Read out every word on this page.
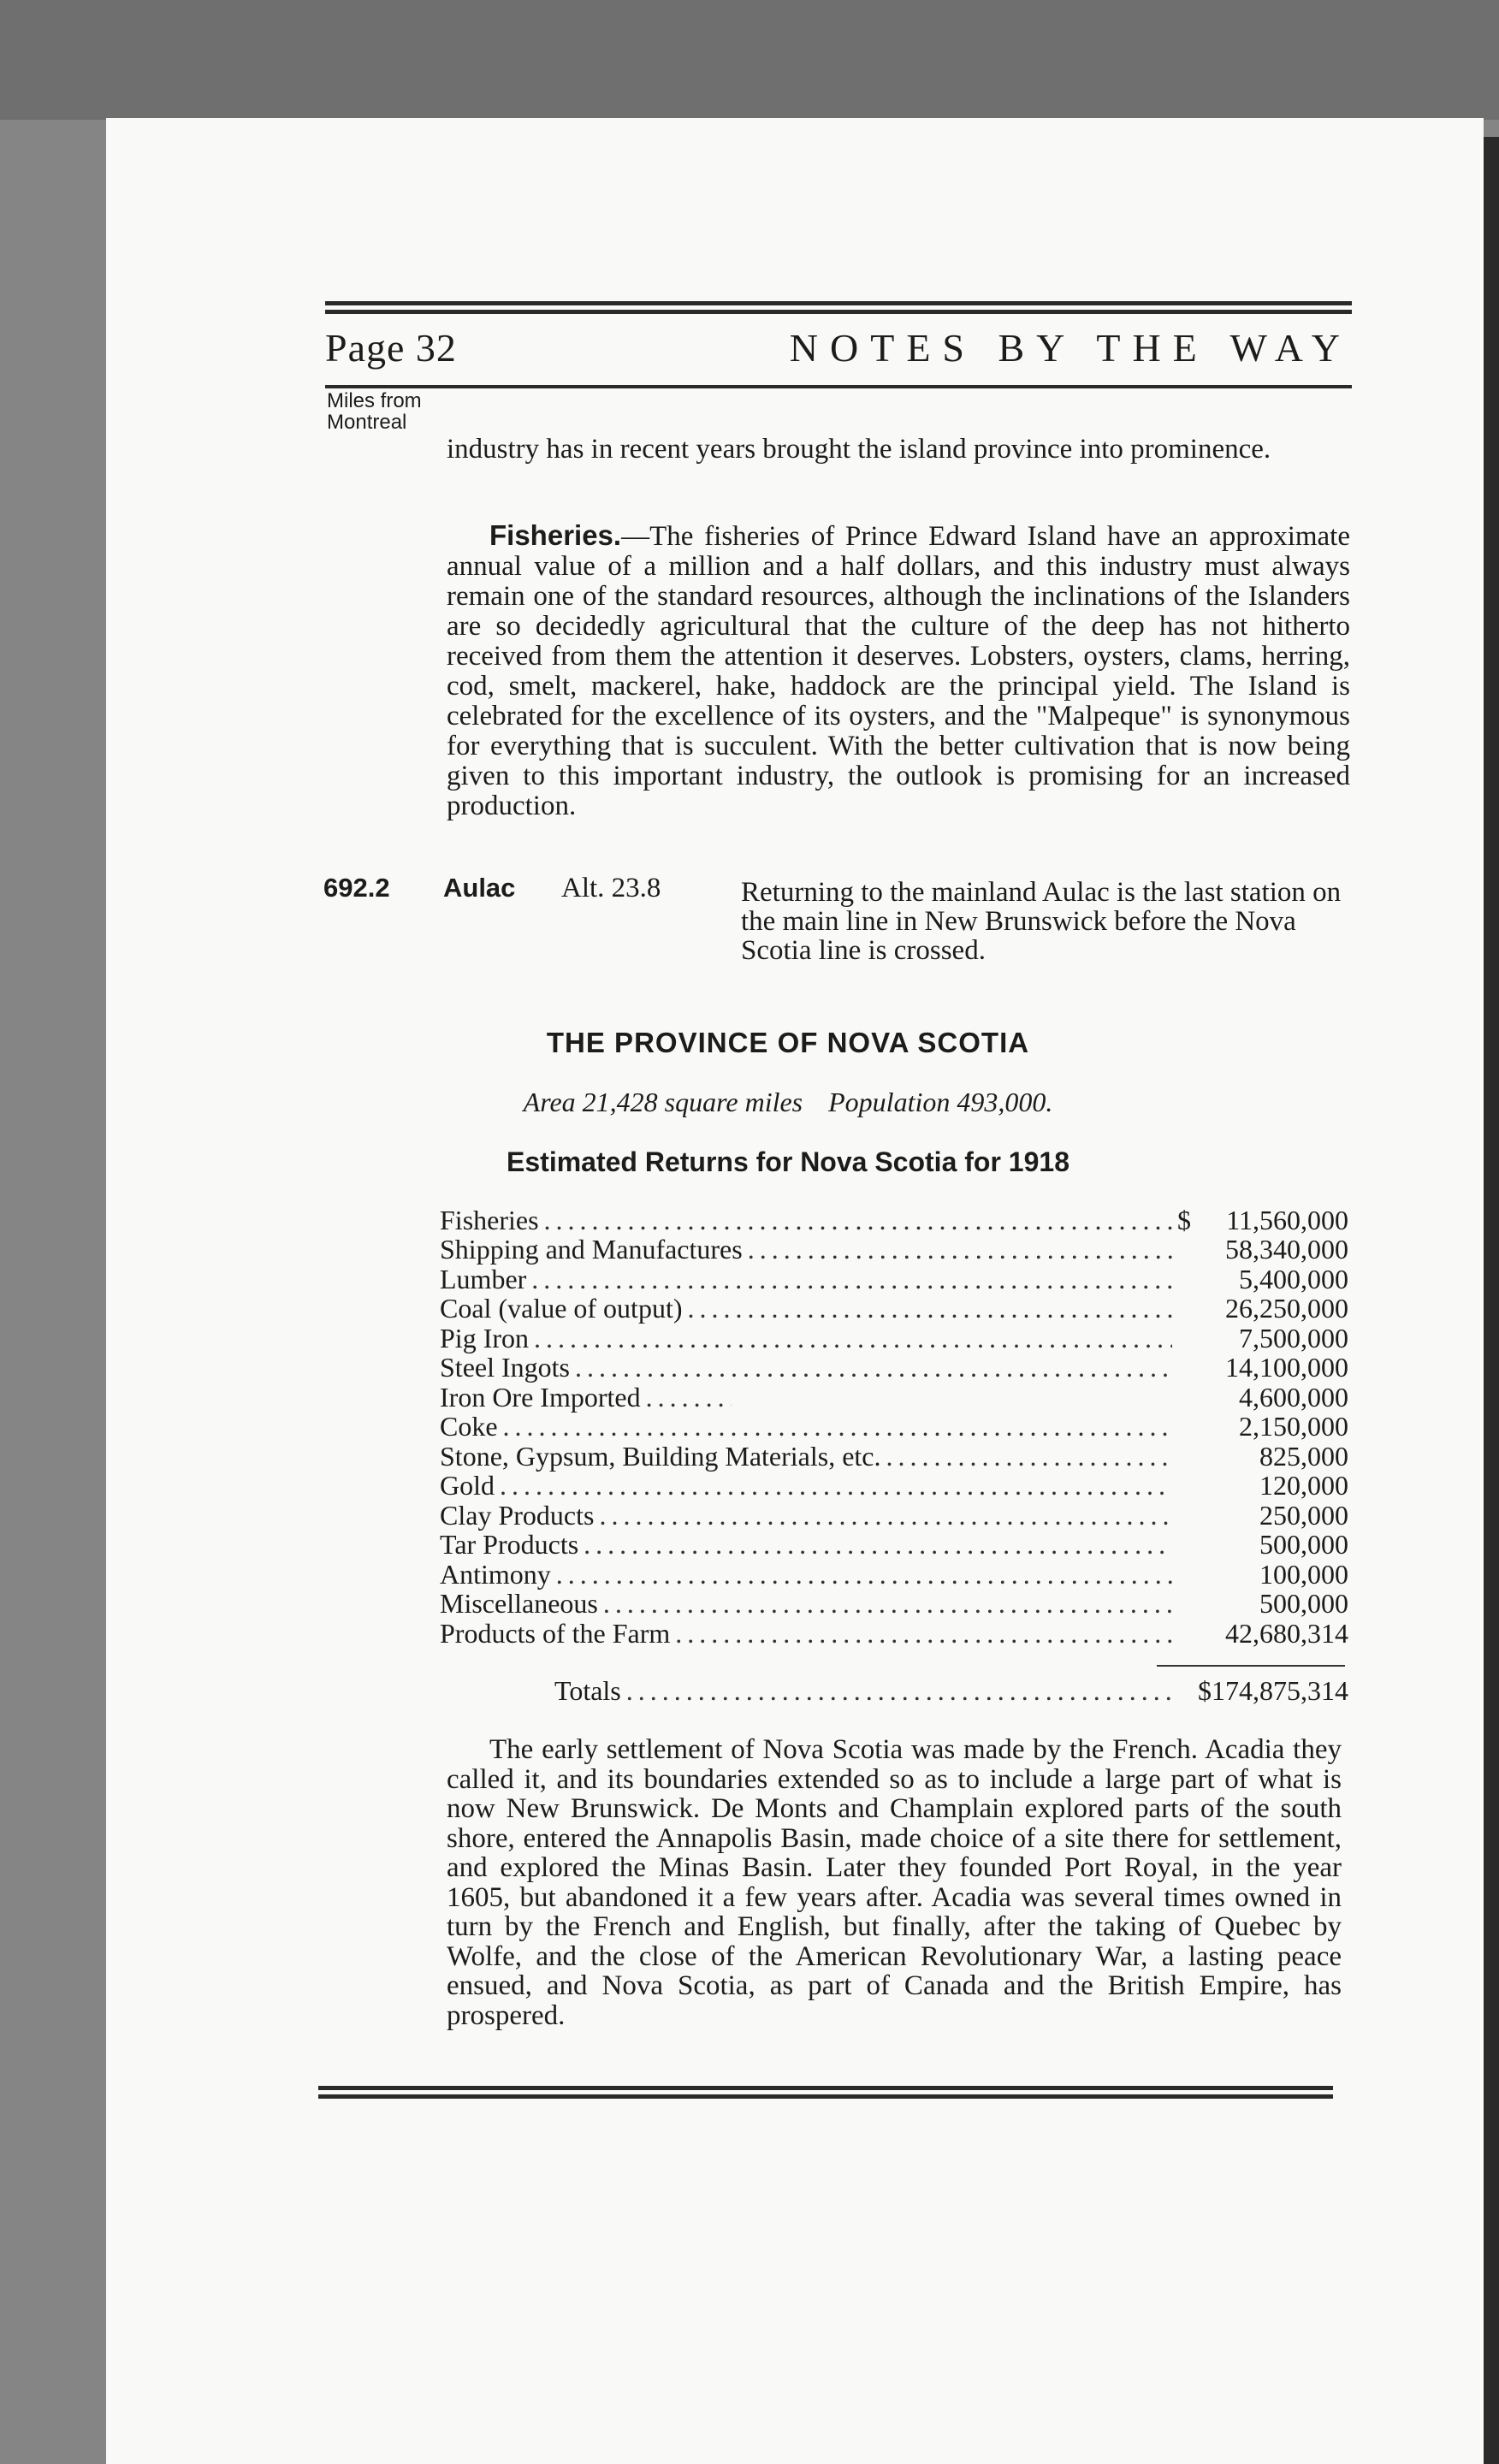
Page 32	NOTES BY THE WAY
Miles from
Montreal
industry has in recent years brought the island province into prominence.
Fisheries.—The fisheries of Prince Edward Island have an approximate annual value of a million and a half dollars, and this industry must always remain one of the standard resources, although the inclinations of the Islanders are so decidedly agricultural that the culture of the deep has not hitherto received from them the attention it deserves. Lobsters, oysters, clams, herring, cod, smelt, mackerel, hake, haddock are the principal yield. The Island is celebrated for the excellence of its oysters, and the "Malpeque" is synonymous for everything that is succulent. With the better cultivation that is now being given to this important industry, the outlook is promising for an increased production.
692.2 Aulac Alt. 23.8	Returning to the mainland Aulac is the last station on the main line in New Brunswick before the Nova Scotia line is crossed.
THE PROVINCE OF NOVA SCOTIA
Area 21,428 square miles Population 493,000.
Estimated Returns for Nova Scotia for 1918
Fisheries .....	$ 11,560,000
Shipping and Manufactures .....	58,340,000
Lumber .....	5,400,000
Coal (value of output) .....	26,250,000
Pig Iron .....	7,500,000
Steel Ingots .....	14,100,000
Iron Ore Imported .....	4,600,000
Coke .....	2,150,000
Stone, Gypsum, Building Materials, etc. .....	825,000
Gold .....	120,000
Clay Products .....	250,000
Tar Products .....	500,000
Antimony .....	100,000
Miscellaneous .....	500,000
Products of the Farm .....	42,680,314
Totals .....	$174,875,314
The early settlement of Nova Scotia was made by the French. Acadia they called it, and its boundaries extended so as to include a large part of what is now New Brunswick. De Monts and Champlain explored parts of the south shore, entered the Annapolis Basin, made choice of a site there for settlement, and explored the Minas Basin. Later they founded Port Royal, in the year 1605, but abandoned it a few years after. Acadia was several times owned in turn by the French and English, but finally, after the taking of Quebec by Wolfe, and the close of the American Revolutionary War, a lasting peace ensued, and Nova Scotia, as part of Canada and the British Empire, has prospered.
